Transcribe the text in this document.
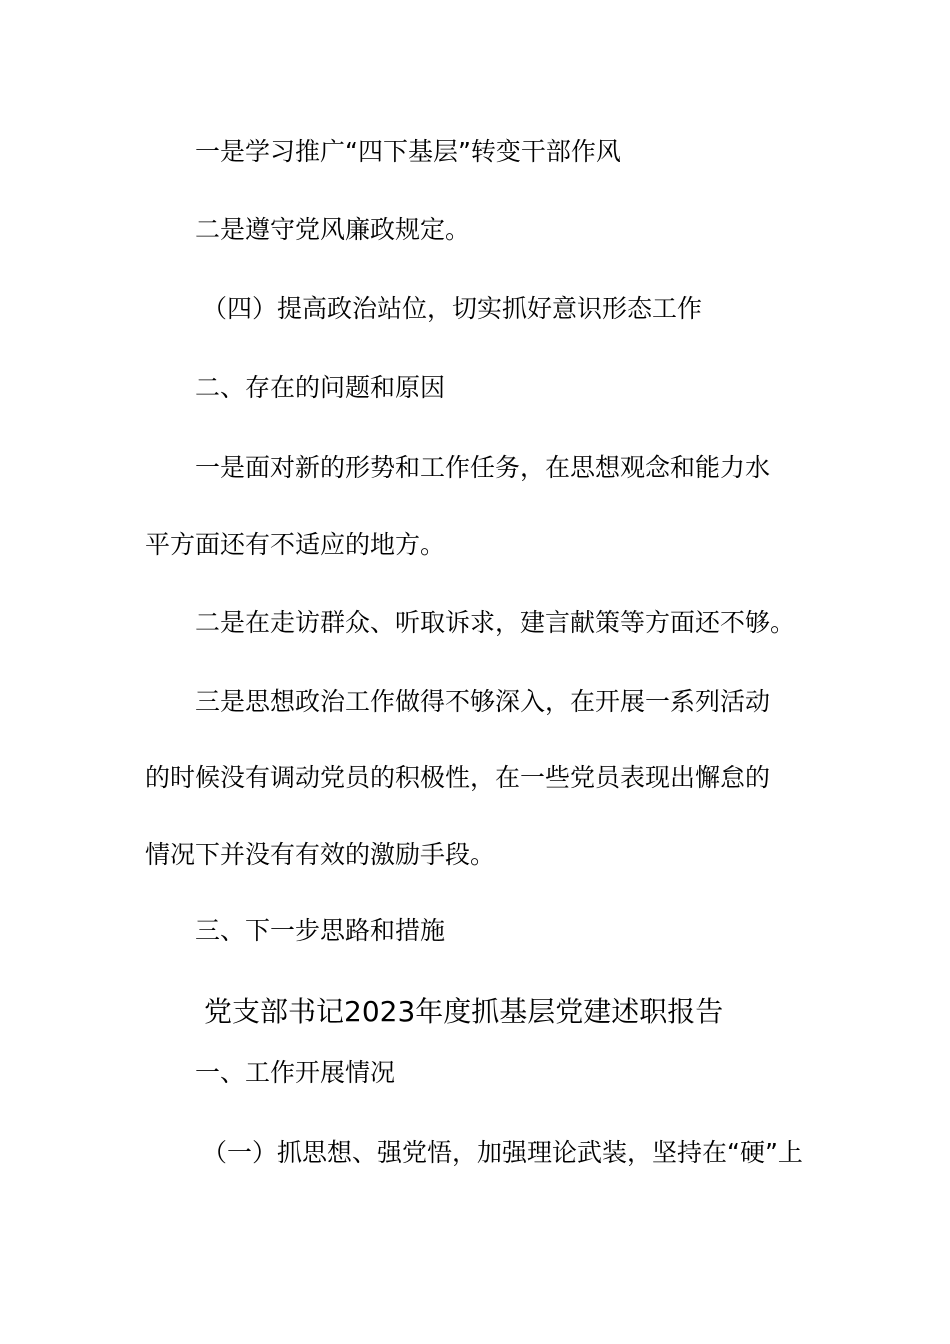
一是学习推广“四下基层”转变干部作风
二是遵守党风廉政规定。
（四）提高政治站位，切实抓好意识形态工作
二、存在的问题和原因
一是面对新的形势和工作任务，在思想观念和能力水
平方面还有不适应的地方。
二是在走访群众、听取诉求，建言献策等方面还不够。
三是思想政治工作做得不够深入，在开展一系列活动
的时候没有调动党员的积极性，在一些党员表现出懈怠的
情况下并没有有效的激励手段。
三、下一步思路和措施
党支部书记2023年度抓基层党建述职报告
一、工作开展情况
（一）抓思想、强党悟，加强理论武装，坚持在“硬”上
